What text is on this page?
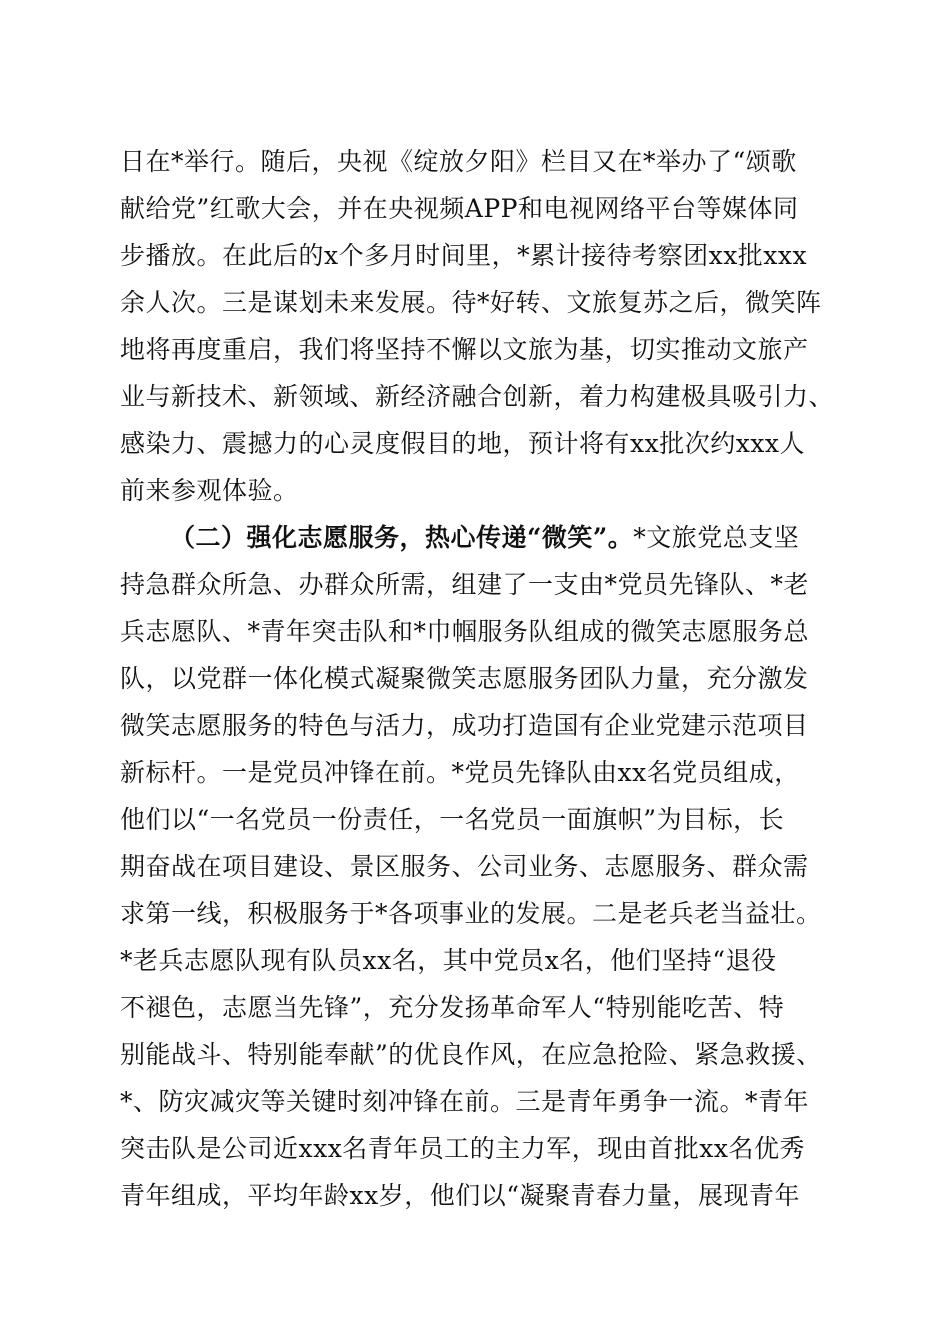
日在*举行。随后，央视《绽放夕阳》栏目又在*举办了“颂歌
献给党”红歌大会，并在央视频APP和电视网络平台等媒体同
步播放。在此后的x个多月时间里，*累计接待考察团xx批xxx
余人次。三是谋划未来发展。待*好转、文旅复苏之后，微笑阵
地将再度重启，我们将坚持不懈以文旅为基，切实推动文旅产
业与新技术、新领域、新经济融合创新，着力构建极具吸引力、
感染力、震撼力的心灵度假目的地，预计将有xx批次约xxx人
前来参观体验。
（二）强化志愿服务，热心传递“微笑”。*文旅党总支坚
持急群众所急、办群众所需，组建了一支由*党员先锋队、*老
兵志愿队、*青年突击队和*巾帼服务队组成的微笑志愿服务总
队，以党群一体化模式凝聚微笑志愿服务团队力量，充分激发
微笑志愿服务的特色与活力，成功打造国有企业党建示范项目
新标杆。一是党员冲锋在前。*党员先锋队由xx名党员组成，
他们以“一名党员一份责任，一名党员一面旗帜”为目标，长
期奋战在项目建设、景区服务、公司业务、志愿服务、群众需
求第一线，积极服务于*各项事业的发展。二是老兵老当益壮。
*老兵志愿队现有队员xx名，其中党员x名，他们坚持“退役
不褪色，志愿当先锋”，充分发扬革命军人“特别能吃苦、特
别能战斗、特别能奉献”的优良作风，在应急抢险、紧急救援、
*、防灾减灾等关键时刻冲锋在前。三是青年勇争一流。*青年
突击队是公司近xxx名青年员工的主力军，现由首批xx名优秀
青年组成，平均年龄xx岁，他们以“凝聚青春力量，展现青年
